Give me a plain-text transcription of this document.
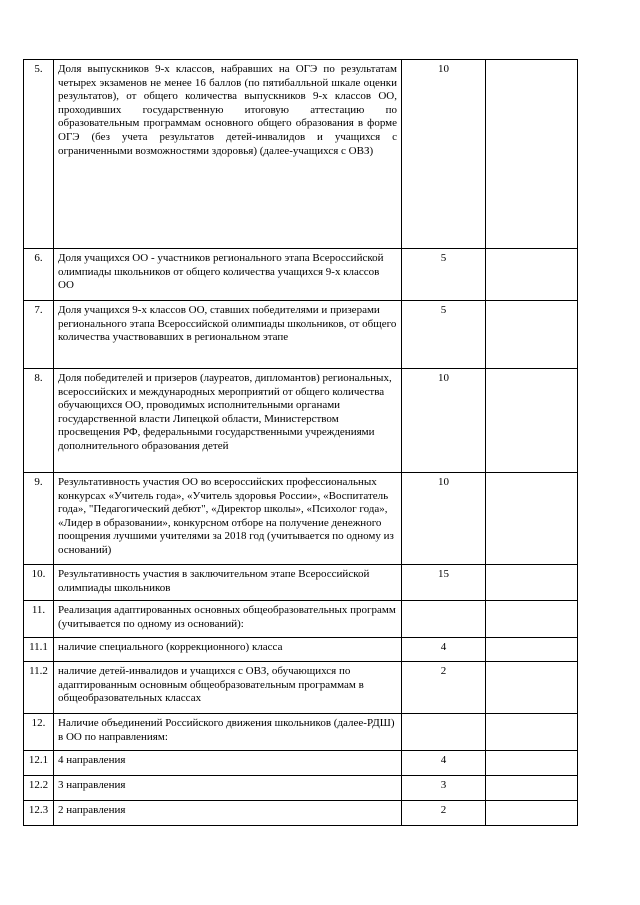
5.	Доля выпускников 9-х классов, набравших на ОГЭ по результатам четырех экзаменов не менее 16 баллов (по пятибалльной шкале оценки результатов), от общего количества выпускников 9-х классов ОО, проходивших государственную итоговую аттестацию по образовательным программам основного общего образования в форме ОГЭ (без учета результатов детей-инвалидов и учащихся с ограниченными возможностями здоровья) (далее-учащихся с ОВЗ)	10		
6.	Доля учащихся ОО - участников регионального этапа Всероссийской олимпиады школьников от общего количества учащихся 9-х классов ОО	5		
7.	Доля учащихся 9-х классов ОО, ставших победителями и призерами регионального этапа Всероссийской олимпиады школьников, от общего количества участвовавших в региональном этапе	5		
8.	Доля победителей и призеров (лауреатов, дипломантов) региональных, всероссийских и международных мероприятий от общего количества обучающихся ОО, проводимых исполнительными органами государственной власти Липецкой области, Министерством просвещения РФ, федеральными государственными учреждениями дополнительного образования детей	10		
9.	Результативность участия ОО во всероссийских профессиональных конкурсах «Учитель года», «Учитель здоровья России», «Воспитатель года», "Педагогический дебют", «Директор школы», «Психолог года», «Лидер в образовании», конкурсном отборе на получение денежного поощрения лучшими учителями за 2018 год (учитывается по одному из оснований)	10		
10.	Результативность участия в заключительном этапе Всероссийской олимпиады школьников	15		
11.	Реализация адаптированных основных общеобразовательных программ (учитывается по одному из оснований):			
11.1	наличие специального (коррекционного) класса	4		
11.2	наличие детей-инвалидов и учащихся с ОВЗ, обучающихся по адаптированным основным общеобразовательным программам в общеобразовательных классах	2		
12.	Наличие объединений Российского движения школьников (далее-РДШ) в ОО по направлениям:			
12.1	4 направления	4		
12.2	3 направления	3		
12.3	2 направления	2		
